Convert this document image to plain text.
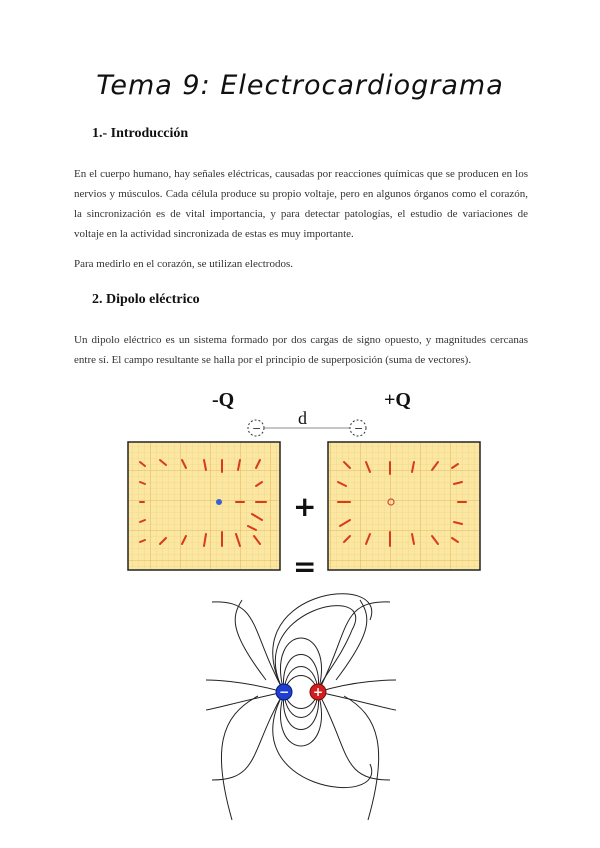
Tema 9: Electrocardiograma
1.- Introducción

En el cuerpo humano, hay señales eléctricas, causadas por reacciones químicas que se producen en los nervios y músculos. Cada célula produce su propio voltaje, pero en algunos órganos como el corazón, la sincronización es de vital importancia, y para detectar patologías, el estudio de variaciones de voltaje en la actividad sincronizada de estas es muy importante.

Para medirlo en el corazón, se utilizan electrodos.

2. Dipolo eléctrico

Un dipolo eléctrico es un sistema formado por dos cargas de signo opuesto, y magnitudes cercanas entre sí. El campo resultante se halla por el principio de superposición (suma de vectores).

-Q	+Q
d
−	−
+
=
− +
